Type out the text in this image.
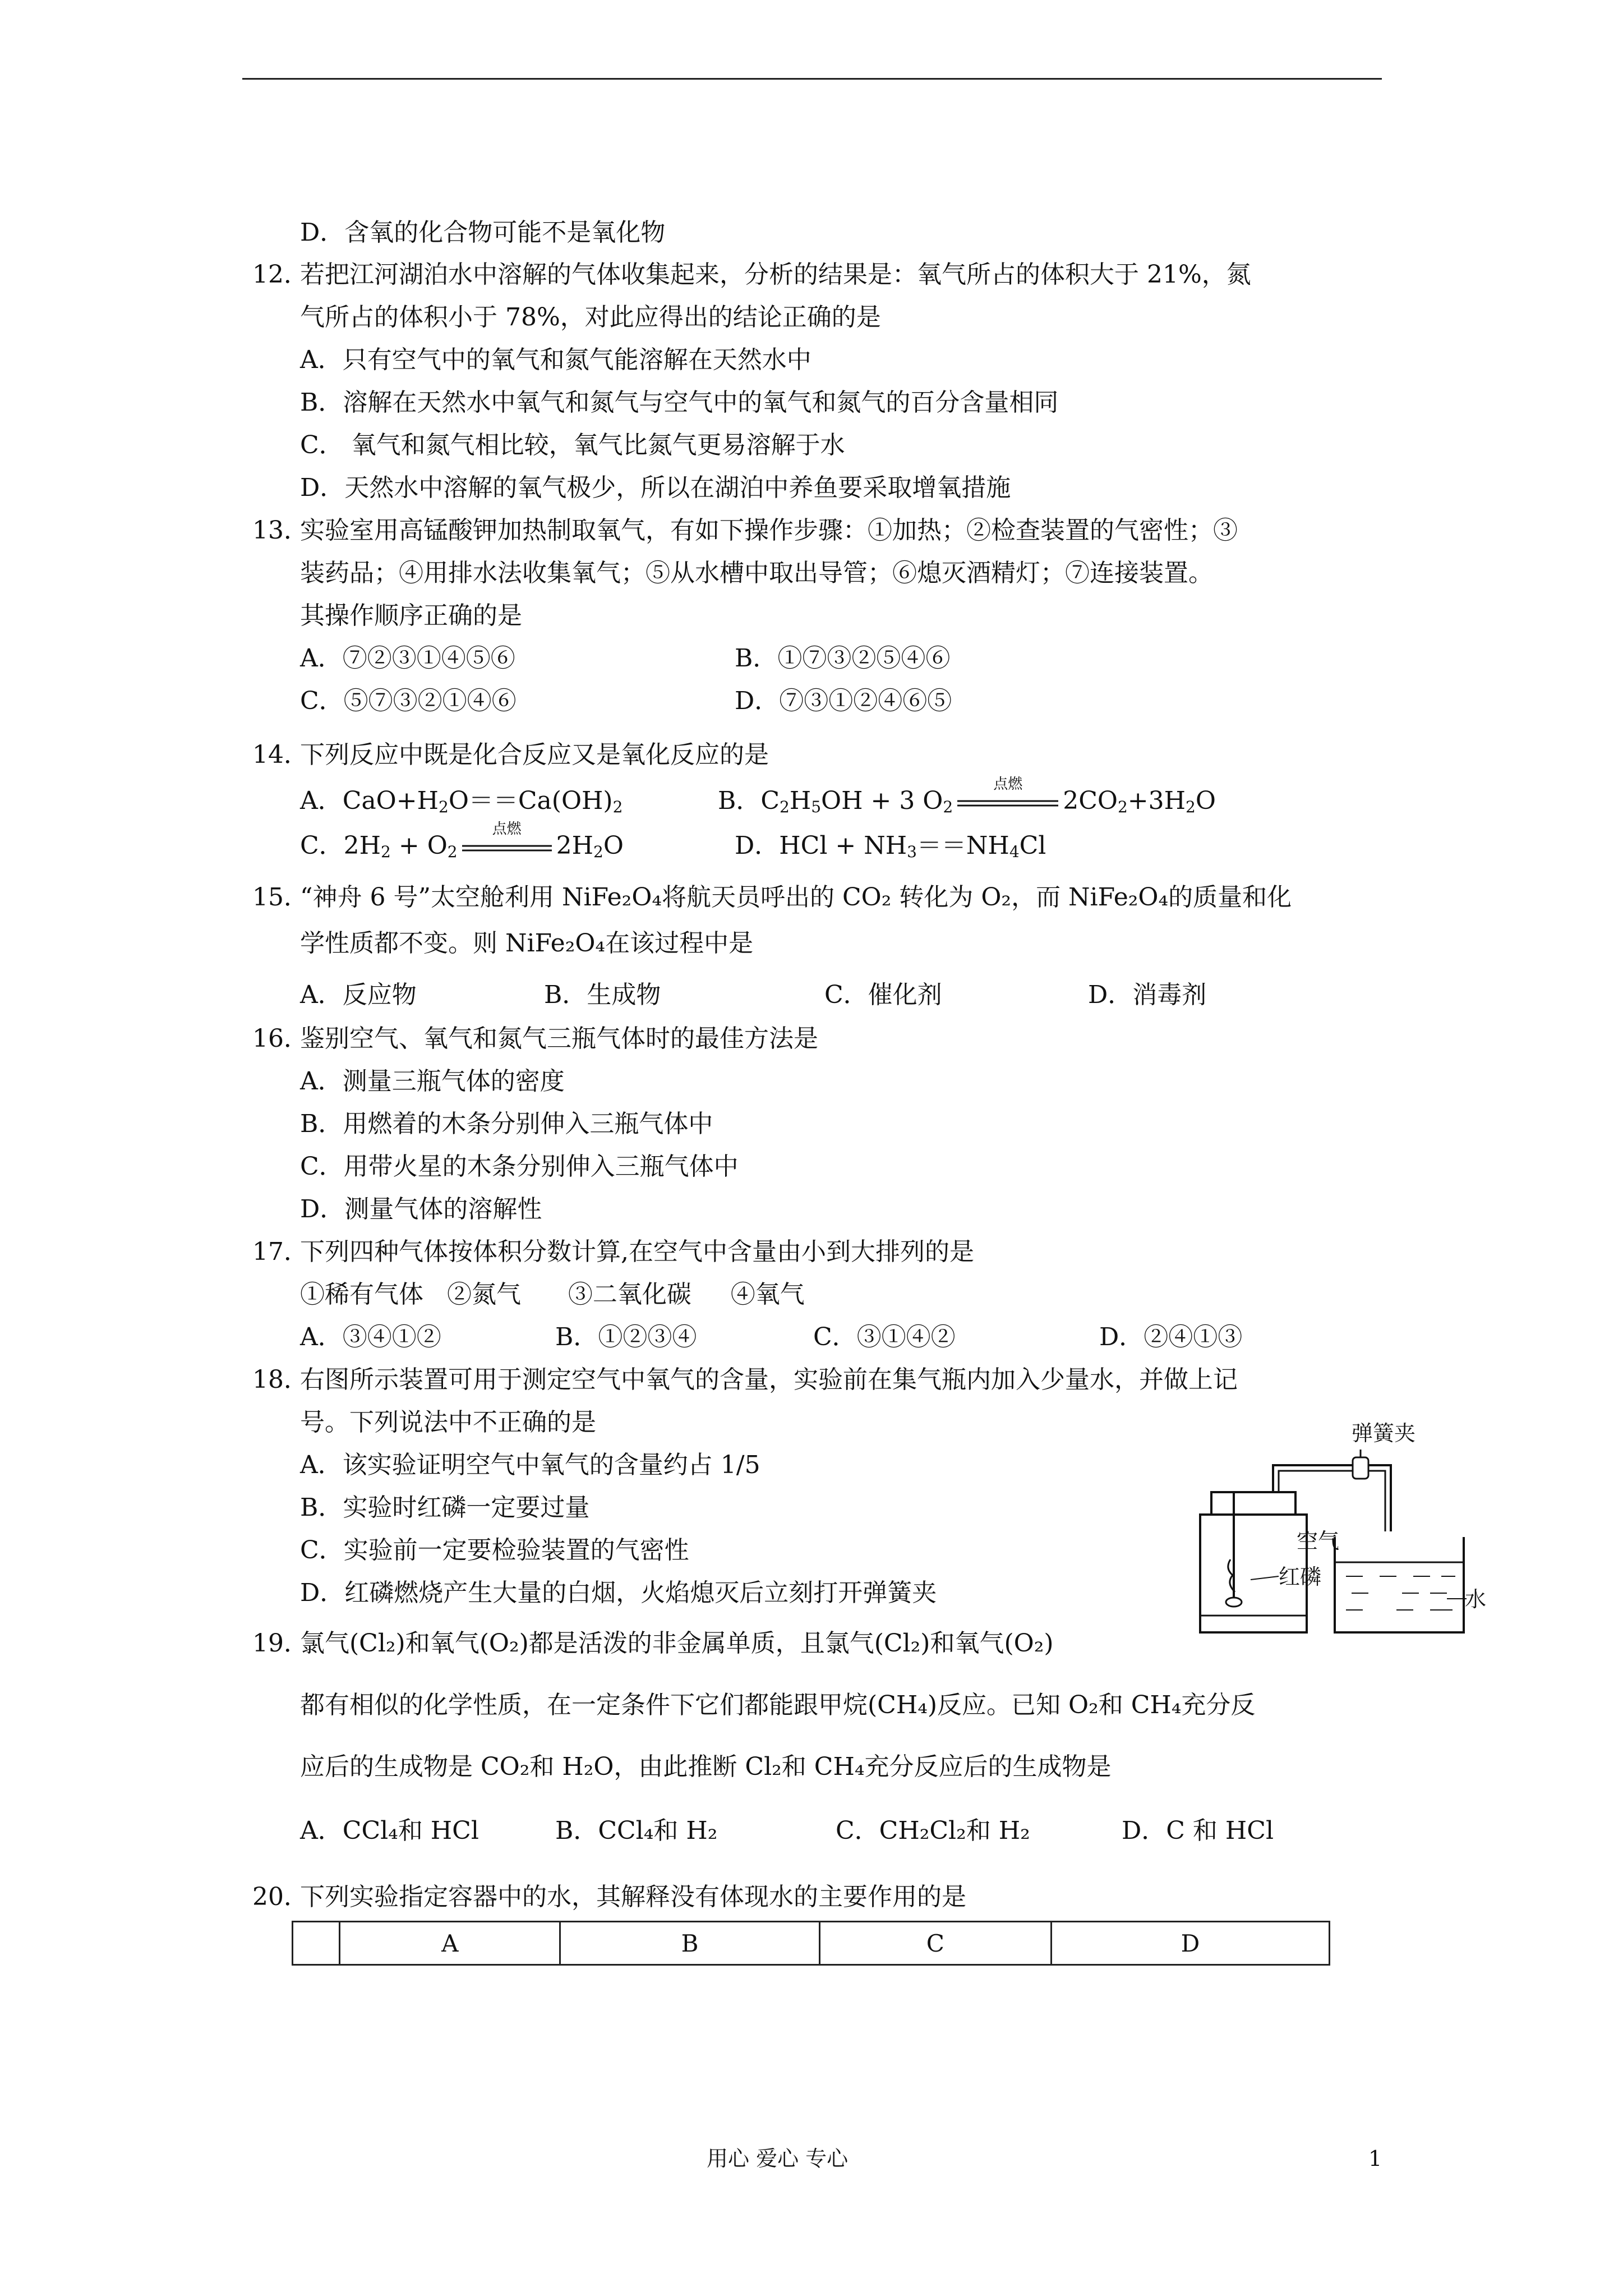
D．含氧的化合物可能不是氧化物
12．
若把江河湖泊水中溶解的气体收集起来，分析的结果是：氧气所占的体积大于 21%，氮
气所占的体积小于 78%，对此应得出的结论正确的是
A．只有空气中的氧气和氮气能溶解在天然水中
B．溶解在天然水中氧气和氮气与空气中的氧气和氮气的百分含量相同
C． 氧气和氮气相比较，氧气比氮气更易溶解于水
D．天然水中溶解的氧气极少，所以在湖泊中养鱼要采取增氧措施
13．
实验室用高锰酸钾加热制取氧气，有如下操作步骤：①加热；②检查装置的气密性；③
装药品；④用排水法收集氧气；⑤从水槽中取出导管；⑥熄灭酒精灯；⑦连接装置。
其操作顺序正确的是
A．⑦②③①④⑤⑥	B．①⑦③②⑤④⑥
C．⑤⑦③②①④⑥	D．⑦③①②④⑥⑤
14．
下列反应中既是化合反应又是氧化反应的是
A．$CaO+H_2O==Ca(OH)_2$	B．$C_2H_5OH + 3$ $O_2$
点燃
$2CO_2+3H_2O$
C．$2H_2 + O_2$
点燃
$2H_2O$	D．HCl + $NH_3==NH_4Cl$
15．
“神舟 6 号”太空舱利用 NiFe₂O₄将航天员呼出的 CO₂ 转化为 O₂，而 NiFe₂O₄的质量和化
学性质都不变。则 NiFe₂O₄在该过程中是
A．反应物	B．生成物	C．催化剂	D．消毒剂
16．
鉴别空气、氧气和氮气三瓶气体时的最佳方法是
A．测量三瓶气体的密度
B．用燃着的木条分别伸入三瓶气体中
C．用带火星的木条分别伸入三瓶气体中
D．测量气体的溶解性
17．
下列四种气体按体积分数计算,在空气中含量由小到大排列的是
①稀有气体   ②氮气      ③二氧化碳     ④氧气
A．③④①②	B．①②③④	C．③①④②	D．②④①③
18．
右图所示装置可用于测定空气中氧气的含量，实验前在集气瓶内加入少量水，并做上记
号。下列说法中不正确的是
A．该实验证明空气中氧气的含量约占 1/5
B．实验时红磷一定要过量
C．实验前一定要检验装置的气密性
D．红磷燃烧产生大量的白烟，火焰熄灭后立刻打开弹簧夹
弹簧夹
空气
红磷
水
19．
氯气(Cl₂)和氧气(O₂)都是活泼的非金属单质，且氯气(Cl₂)和氧气(O₂)
都有相似的化学性质，在一定条件下它们都能跟甲烷(CH₄)反应。已知 O₂和 CH₄充分反
应后的生成物是 CO₂和 H₂O，由此推断 Cl₂和 CH₄充分反应后的生成物是
A．CCl₄和 HCl	B．CCl₄和 H₂	C．CH₂Cl₂和 H₂	D．C 和 HCl
20．
下列实验指定容器中的水，其解释没有体现水的主要作用的是
	A	B	C	D
用心 爱心 专心	1
